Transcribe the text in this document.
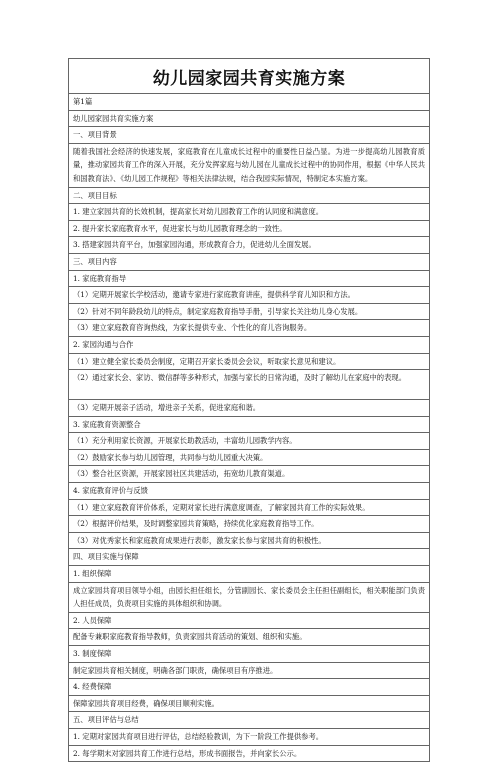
幼儿园家园共育实施方案
第1篇
幼儿园家园共育实施方案
一、项目背景
随着我国社会经济的快速发展，家庭教育在儿童成长过程中的重要性日益凸显。为进一步提高幼儿园教育质量，推动家园共育工作的深入开展，充分发挥家庭与幼儿园在儿童成长过程中的协同作用，根据《中华人民共和国教育法》、《幼儿园工作规程》等相关法律法规，结合我园实际情况，特制定本实施方案。
二、项目目标
1. 建立家园共育的长效机制，提高家长对幼儿园教育工作的认同度和满意度。
2. 提升家长家庭教育水平，促进家长与幼儿园教育理念的一致性。
3. 搭建家园共育平台，加强家园沟通，形成教育合力，促进幼儿全面发展。
三、项目内容
1. 家庭教育指导
（1）定期开展家长学校活动，邀请专家进行家庭教育讲座，提供科学育儿知识和方法。
（2）针对不同年龄段幼儿的特点，制定家庭教育指导手册，引导家长关注幼儿身心发展。
（3）建立家庭教育咨询热线，为家长提供专业、个性化的育儿咨询服务。
2. 家园沟通与合作
（1）建立健全家长委员会制度，定期召开家长委员会会议，听取家长意见和建议。
（2）通过家长会、家访、微信群等多种形式，加强与家长的日常沟通，及时了解幼儿在家庭中的表现。
（3）定期开展亲子活动，增进亲子关系，促进家庭和谐。
3. 家庭教育资源整合
（1）充分利用家长资源，开展家长助教活动，丰富幼儿园教学内容。
（2）鼓励家长参与幼儿园管理，共同参与幼儿园重大决策。
（3）整合社区资源，开展家园社区共建活动，拓宽幼儿教育渠道。
4. 家庭教育评价与反馈
（1）建立家庭教育评价体系，定期对家长进行满意度调查，了解家园共育工作的实际效果。
（2）根据评价结果，及时调整家园共育策略，持续优化家庭教育指导工作。
（3）对优秀家长和家庭教育成果进行表彰，激发家长参与家园共育的积极性。
四、项目实施与保障
1. 组织保障
成立家园共育项目领导小组，由园长担任组长，分管副园长、家长委员会主任担任副组长，相关职能部门负责人担任成员，负责项目实施的具体组织和协调。
2. 人员保障
配备专兼职家庭教育指导教师，负责家园共育活动的策划、组织和实施。
3. 制度保障
制定家园共育相关制度，明确各部门职责，确保项目有序推进。
4. 经费保障
保障家园共育项目经费，确保项目顺利实施。
五、项目评估与总结
1. 定期对家园共育项目进行评估，总结经验教训，为下一阶段工作提供参考。
2. 每学期末对家园共育工作进行总结，形成书面报告，并向家长公示。
